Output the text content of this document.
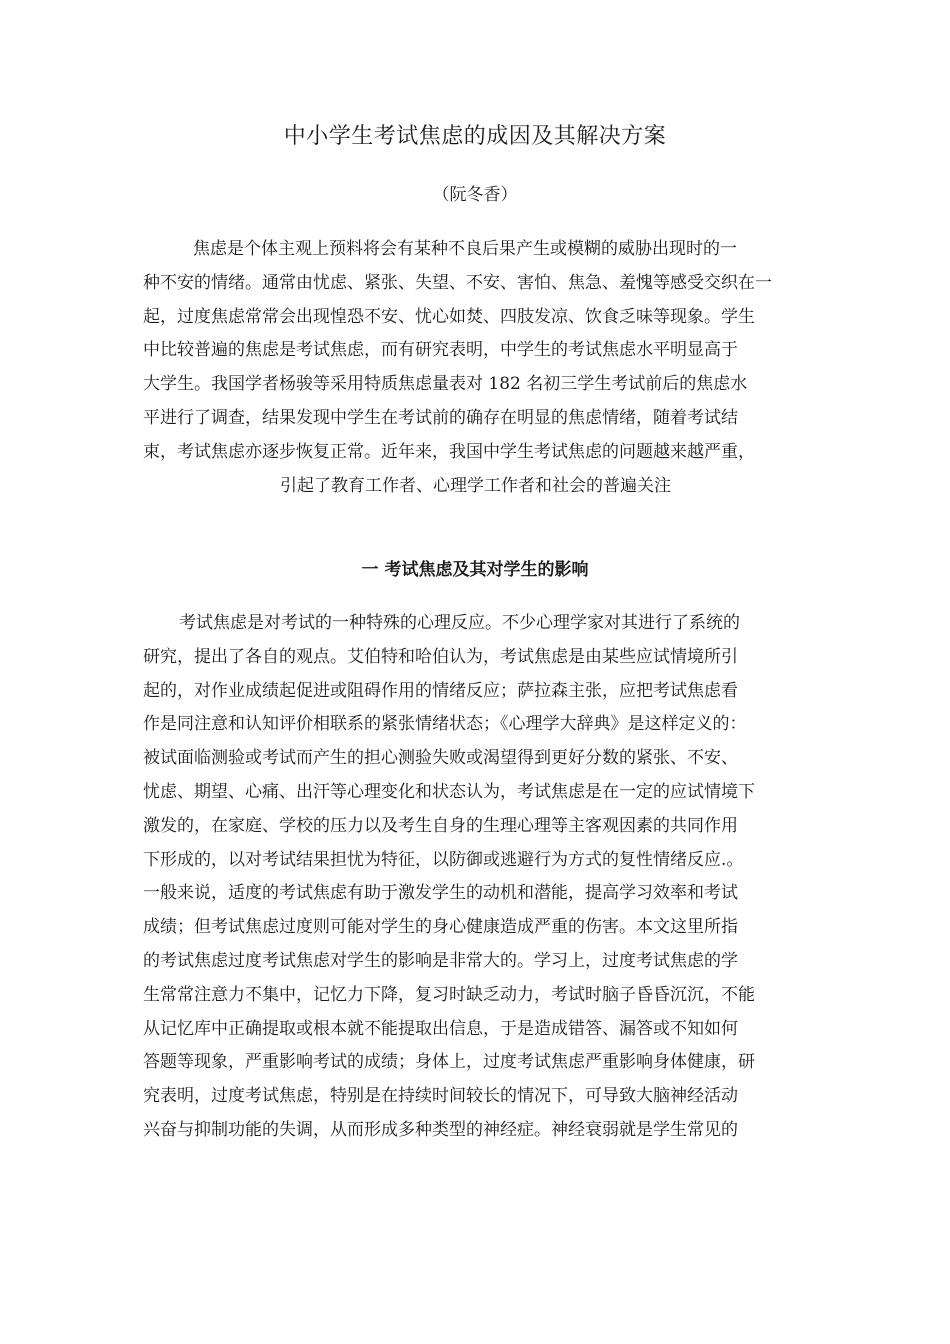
中小学生考试焦虑的成因及其解决方案
（阮冬香）
焦虑是个体主观上预料将会有某种不良后果产生或模糊的威胁出现时的一
种不安的情绪。通常由忧虑、紧张、失望、不安、害怕、焦急、羞愧等感受交织在一
起，过度焦虑常常会出现惶恐不安、忧心如焚、四肢发凉、饮食乏味等现象。学生
中比较普遍的焦虑是考试焦虑，而有研究表明，中学生的考试焦虑水平明显高于
大学生。我国学者杨骏等采用特质焦虑量表对 182 名初三学生考试前后的焦虑水
平进行了调查，结果发现中学生在考试前的确存在明显的焦虑情绪，随着考试结
束，考试焦虑亦逐步恢复正常。近年来，我国中学生考试焦虑的问题越来越严重，
引起了教育工作者、心理学工作者和社会的普遍关注
一 考试焦虑及其对学生的影响
考试焦虑是对考试的一种特殊的心理反应。不少心理学家对其进行了系统的
研究，提出了各自的观点。艾伯特和哈伯认为，考试焦虑是由某些应试情境所引
起的，对作业成绩起促进或阻碍作用的情绪反应；萨拉森主张，应把考试焦虑看
作是同注意和认知评价相联系的紧张情绪状态；《心理学大辞典》是这样定义的：
被试面临测验或考试而产生的担心测验失败或渴望得到更好分数的紧张、不安、
忧虑、期望、心痛、出汗等心理变化和状态认为，考试焦虑是在一定的应试情境下
激发的，在家庭、学校的压力以及考生自身的生理心理等主客观因素的共同作用
下形成的，以对考试结果担忧为特征，以防御或逃避行为方式的复性情绪反应.。
一般来说，适度的考试焦虑有助于激发学生的动机和潜能，提高学习效率和考试
成绩；但考试焦虑过度则可能对学生的身心健康造成严重的伤害。本文这里所指
的考试焦虑过度考试焦虑对学生的影响是非常大的。学习上，过度考试焦虑的学
生常常注意力不集中，记忆力下降，复习时缺乏动力，考试时脑子昏昏沉沉，不能
从记忆库中正确提取或根本就不能提取出信息，于是造成错答、漏答或不知如何
答题等现象，严重影响考试的成绩；身体上，过度考试焦虑严重影响身体健康，研
究表明，过度考试焦虑，特别是在持续时间较长的情况下，可导致大脑神经活动
兴奋与抑制功能的失调，从而形成多种类型的神经症。神经衰弱就是学生常见的
